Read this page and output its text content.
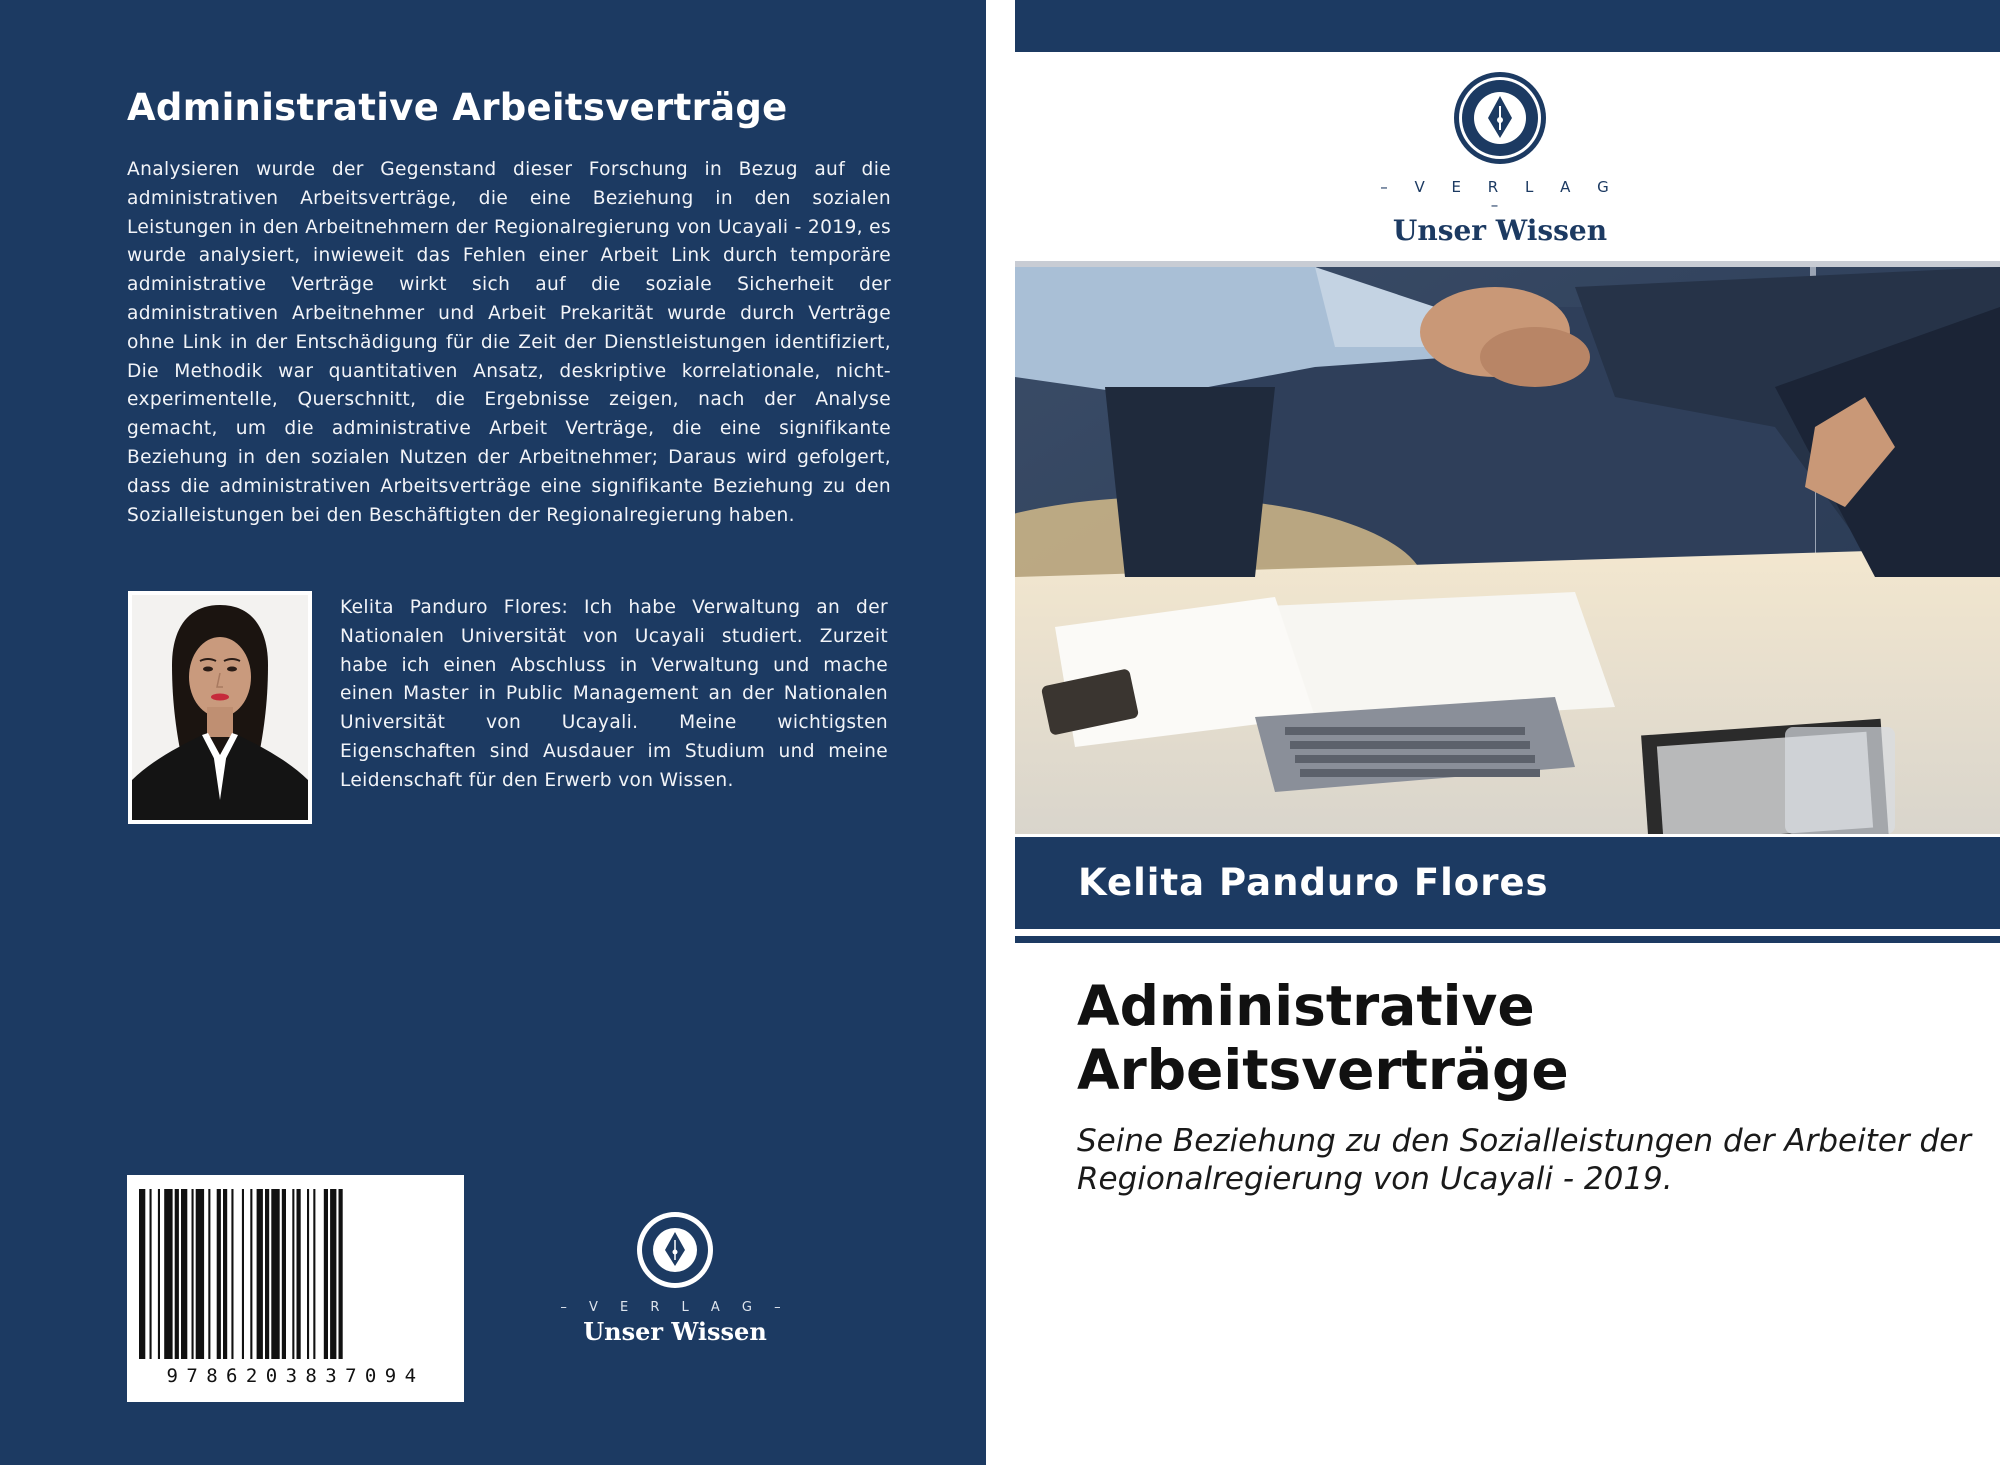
Administrative Arbeitsverträge

Analysieren wurde der Gegenstand dieser Forschung in Bezug auf die administrativen Arbeitsverträge, die eine Beziehung in den sozialen Leistungen in den Arbeitnehmern der Regionalregierung von Ucayali - 2019, es wurde analysiert, inwieweit das Fehlen einer Arbeit Link durch temporäre administrative Verträge wirkt sich auf die soziale Sicherheit der administrativen Arbeitnehmer und Arbeit Prekarität wurde durch Verträge ohne Link in der Entschädigung für die Zeit der Dienstleistungen identifiziert, Die Methodik war quantitativen Ansatz, deskriptive korrelationale, nicht-experimentelle, Querschnitt, die Ergebnisse zeigen, nach der Analyse gemacht, um die administrative Arbeit Verträge, die eine signifikante Beziehung in den sozialen Nutzen der Arbeitnehmer; Daraus wird gefolgert, dass die administrativen Arbeitsverträge eine signifikante Beziehung zu den Sozialleistungen bei den Beschäftigten der Regionalregierung haben.

Kelita Panduro Flores: Ich habe Verwaltung an der Nationalen Universität von Ucayali studiert. Zurzeit habe ich einen Abschluss in Verwaltung und mache einen Master in Public Management an der Nationalen Universität von Ucayali. Meine wichtigsten Eigenschaften sind Ausdauer im Studium und meine Leidenschaft für den Erwerb von Wissen.

9786203837094
– V E R L A G –
Unser Wissen
– V E R L A G –
Unser Wissen
Kelita Panduro Flores
Administrative Arbeitsverträge

Seine Beziehung zu den Sozialleistungen der Arbeiter der Regionalregierung von Ucayali - 2019.
